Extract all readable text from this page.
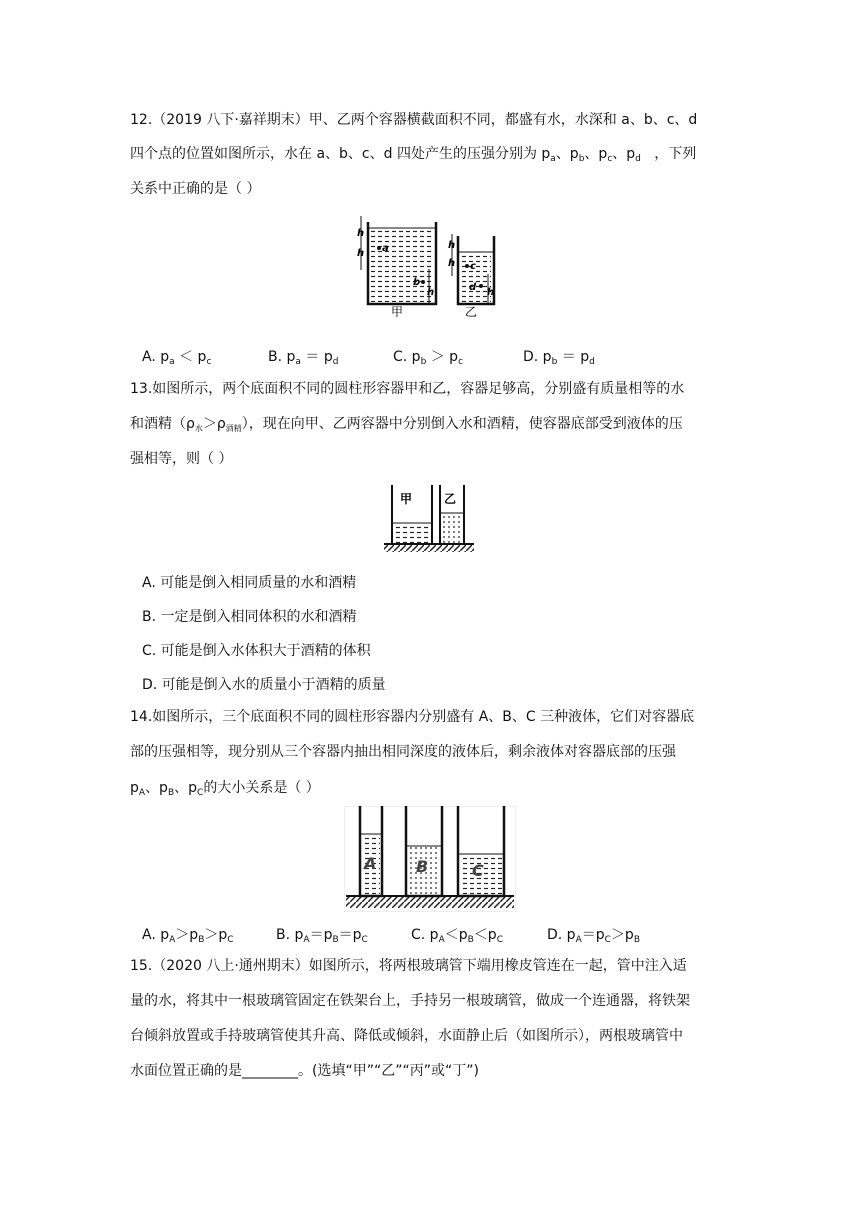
12.（2019 八下·嘉祥期末）甲、乙两个容器横截面积不同，都盛有水，水深和 a、b、c、d
四个点的位置如图所示，水在 a、b、c、d 四处产生的压强分别为 $p_a$、$p_b$、$p_c$、$p_d$ ，下列
关系中正确的是（ ）
h
h a
b
h
甲
h
h c
d h
乙
A. $p_a < p_c$	B. $p_a = p_d$	C. $p_b > p_c$	D. $p_b = p_d$
13.如图所示，两个底面积不同的圆柱形容器甲和乙，容器足够高，分别盛有质量相等的水
和酒精$(\rho_水>\rho_{酒精})$，现在向甲、乙两容器中分别倒入水和酒精，使容器底部受到液体的压
强相等，则（ ）
甲	乙
A. 可能是倒入相同质量的水和酒精
B. 一定是倒入相同体积的水和酒精
C. 可能是倒入水体积大于酒精的体积
D. 可能是倒入水的质量小于酒精的质量
14.如图所示，三个底面积不同的圆柱形容器内分别盛有 A、B、C 三种液体，它们对容器底
部的压强相等，现分别从三个容器内抽出相同深度的液体后，剩余液体对容器底部的压强
$p_A$、$p_B$、$p_C$的大小关系是（ ）
A B	C
A. $p_A>p_B>p_C$	B. $p_A=p_B=p_C$	C. $p_A<p_B<p_C$	D. $p_A=p_C>p_B$
15.（2020 八上·通州期末）如图所示，将两根玻璃管下端用橡皮管连在一起，管中注入适
量的水，将其中一根玻璃管固定在铁架台上，手持另一根玻璃管，做成一个连通器，将铁架
台倾斜放置或手持玻璃管使其升高、降低或倾斜，水面静止后（如图所示），两根玻璃管中
水面位置正确的是________。(选填“甲”“乙”“丙”或“丁”)
